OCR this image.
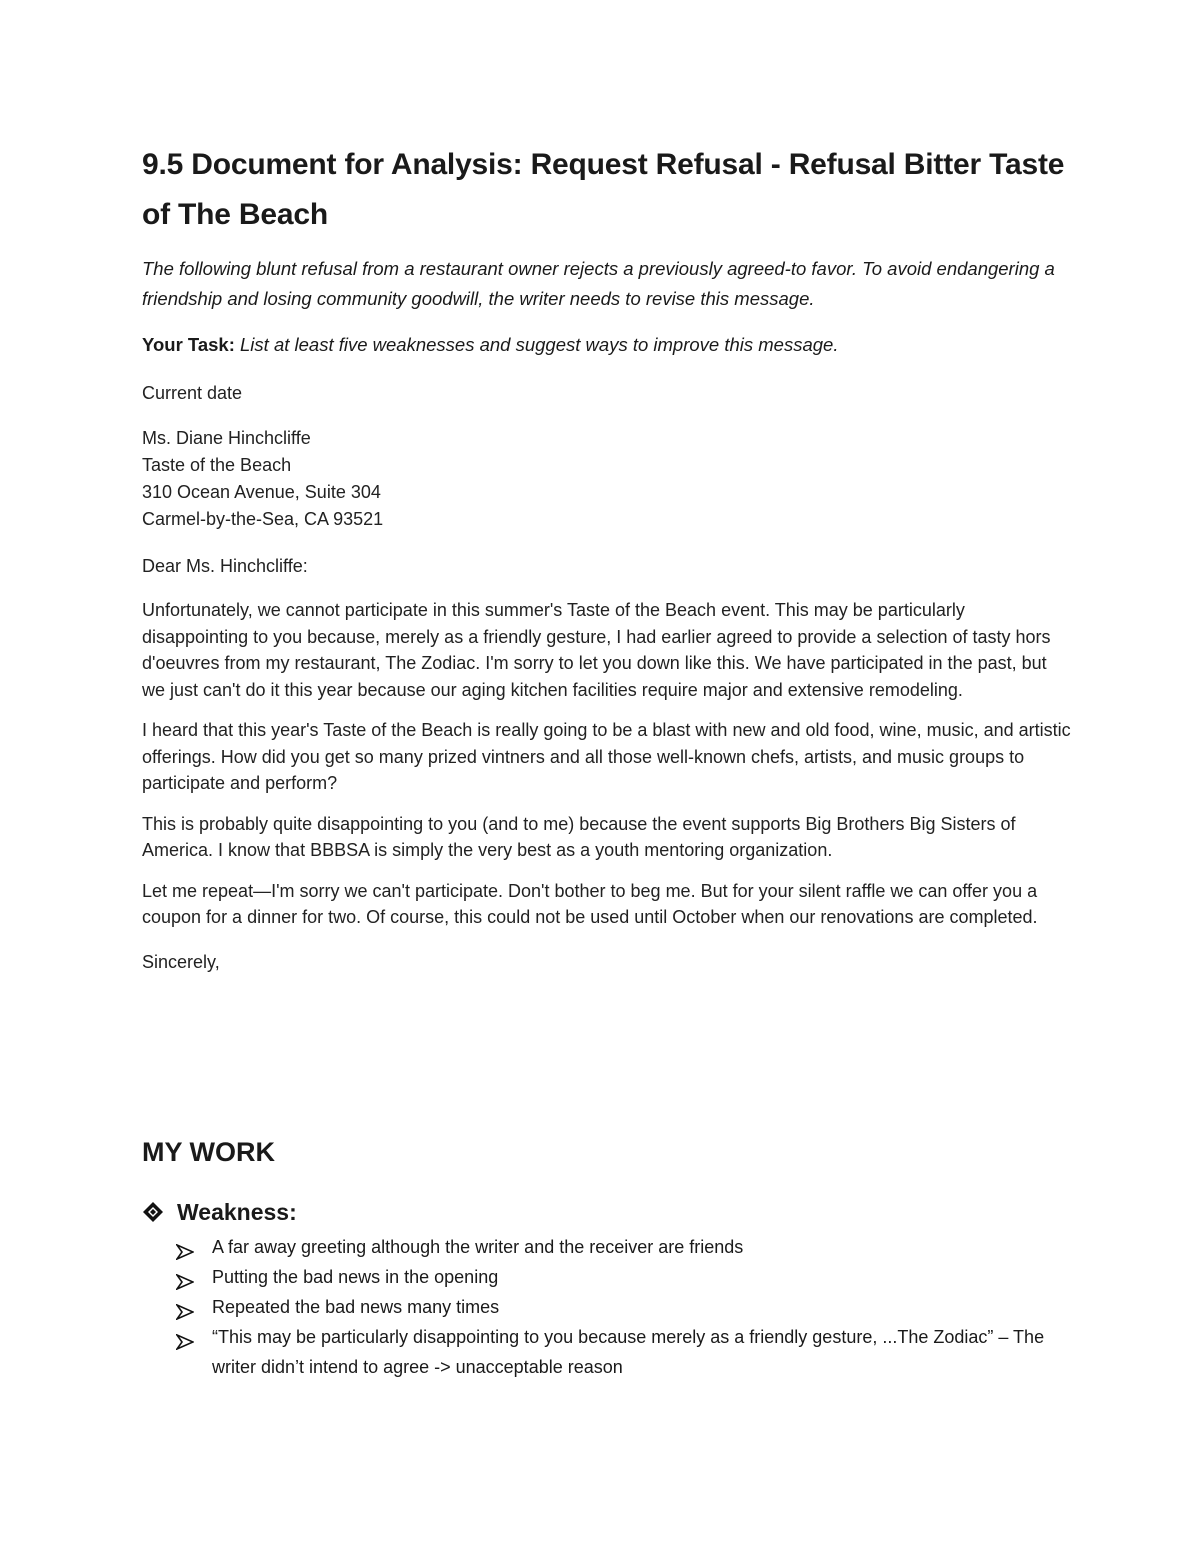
9.5 Document for Analysis: Request Refusal - Refusal Bitter Taste of The Beach

The following blunt refusal from a restaurant owner rejects a previously agreed-to favor. To avoid endangering a friendship and losing community goodwill, the writer needs to revise this message.

Your Task: List at least five weaknesses and suggest ways to improve this message.

Current date

Ms. Diane Hinchcliffe
Taste of the Beach
310 Ocean Avenue, Suite 304
Carmel-by-the-Sea, CA 93521

Dear Ms. Hinchcliffe:

Unfortunately, we cannot participate in this summer's Taste of the Beach event. This may be particularly disappointing to you because, merely as a friendly gesture, I had earlier agreed to provide a selection of tasty hors d'oeuvres from my restaurant, The Zodiac. I'm sorry to let you down like this. We have participated in the past, but we just can't do it this year because our aging kitchen facilities require major and extensive remodeling.

I heard that this year's Taste of the Beach is really going to be a blast with new and old food, wine, music, and artistic offerings. How did you get so many prized vintners and all those well-known chefs, artists, and music groups to participate and perform?

This is probably quite disappointing to you (and to me) because the event supports Big Brothers Big Sisters of America. I know that BBBSA is simply the very best as a youth mentoring organization.

Let me repeat—I'm sorry we can't participate. Don't bother to beg me. But for your silent raffle we can offer you a coupon for a dinner for two. Of course, this could not be used until October when our renovations are completed.

Sincerely,

MY WORK
Weakness:
A far away greeting although the writer and the receiver are friends
Putting the bad news in the opening
Repeated the bad news many times
“This may be particularly disappointing to you because merely as a friendly gesture, ...The Zodiac” – The writer didn’t intend to agree -> unacceptable reason
